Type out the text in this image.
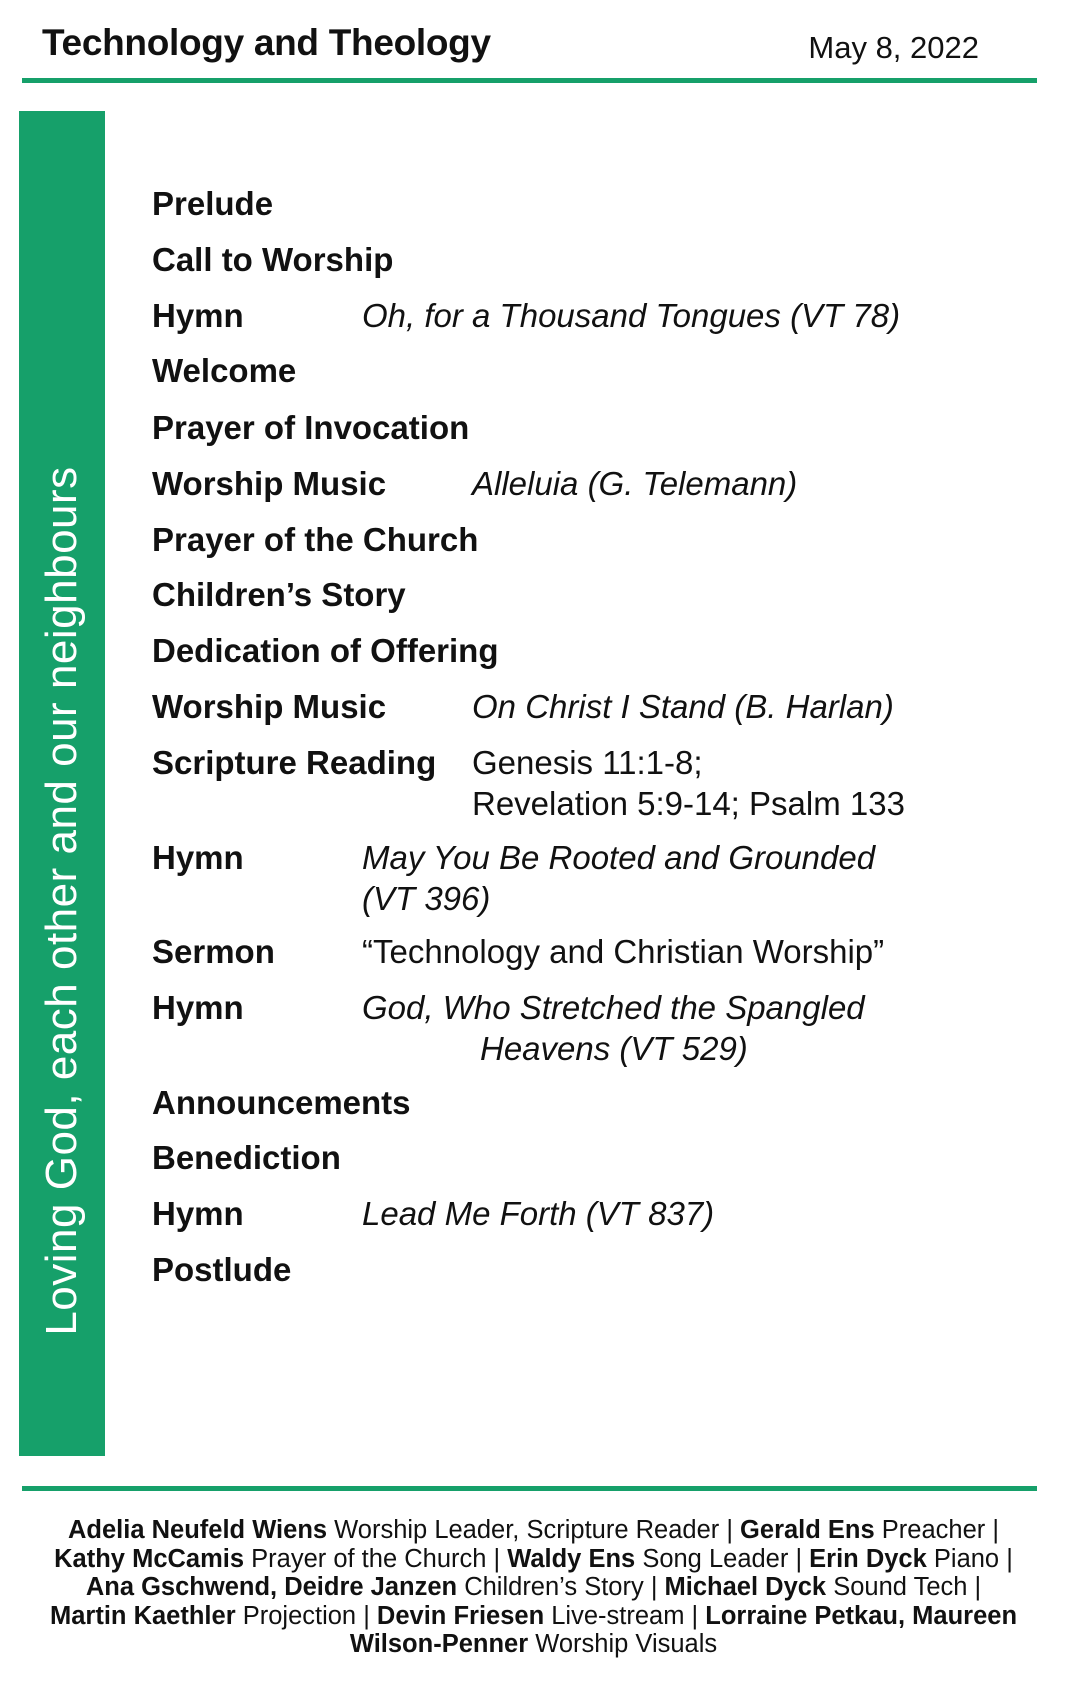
Technology and Theology	May 8, 2022
Loving God, each other and our neighbours
Prelude
Call to Worship
Hymn	Oh, for a Thousand Tongues (VT 78)
Welcome
Prayer of Invocation
Worship Music	Alleluia (G. Telemann)
Prayer of the Church
Children’s Story
Dedication of Offering
Worship Music	On Christ I Stand (B. Harlan)
Scripture Reading Genesis 11:1-8;
Revelation 5:9-14; Psalm 133
Hymn	May You Be Rooted and Grounded
(VT 396)
Sermon	“Technology and Christian Worship”
Hymn	God, Who Stretched the Spangled
Heavens (VT 529)
Announcements
Benediction
Hymn	Lead Me Forth (VT 837)
Postlude
Adelia Neufeld Wiens Worship Leader, Scripture Reader | Gerald Ens Preacher | Kathy McCamis Prayer of the Church | Waldy Ens Song Leader | Erin Dyck Piano | Ana Gschwend, Deidre Janzen Children’s Story | Michael Dyck Sound Tech | Martin Kaethler Projection | Devin Friesen Live-stream | Lorraine Petkau, Maureen Wilson-Penner Worship Visuals
